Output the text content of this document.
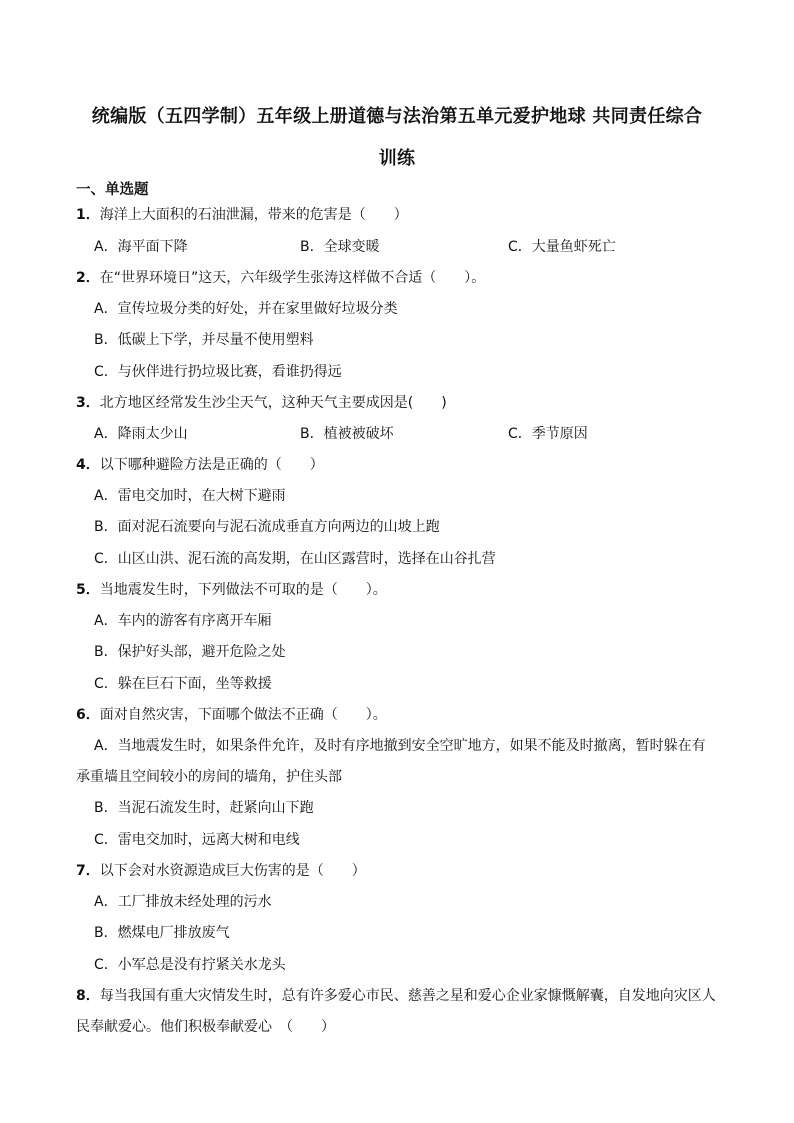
统编版（五四学制）五年级上册道德与法治第五单元爱护地球 共同责任综合
训练
一、单选题
1．海洋上大面积的石油泄漏，带来的危害是（　　）
A．海平面下降	B．全球变暖	C．大量鱼虾死亡
2．在“世界环境日”这天，六年级学生张涛这样做不合适（　　）。
A．宣传垃圾分类的好处，并在家里做好垃圾分类
B．低碳上下学，并尽量不使用塑料
C．与伙伴进行扔垃圾比赛，看谁扔得远
3．北方地区经常发生沙尘天气，这种天气主要成因是(　　)
A．降雨太少山	B．植被被破坏	C．季节原因
4．以下哪种避险方法是正确的（　　）
A．雷电交加时，在大树下避雨
B．面对泥石流要向与泥石流成垂直方向两边的山坡上跑
C．山区山洪、泥石流的高发期，在山区露营时，选择在山谷扎营
5．当地震发生时，下列做法不可取的是（　　）。
A．车内的游客有序离开车厢
B．保护好头部，避开危险之处
C．躲在巨石下面，坐等救援
6．面对自然灾害，下面哪个做法不正确（　　）。
A．当地震发生时，如果条件允许，及时有序地撤到安全空旷地方，如果不能及时撤离，暂时躲在有承重墙且空间较小的房间的墙角，护住头部
B．当泥石流发生时，赶紧向山下跑
C．雷电交加时，远离大树和电线
7．以下会对水资源造成巨大伤害的是（　　）
A．工厂排放未经处理的污水
B．燃煤电厂排放废气
C．小军总是没有拧紧关水龙头
8．每当我国有重大灾情发生时，总有许多爱心市民、慈善之星和爱心企业家慷慨解囊，自发地向灾区人民奉献爱心。他们积极奉献爱心　（　　）
